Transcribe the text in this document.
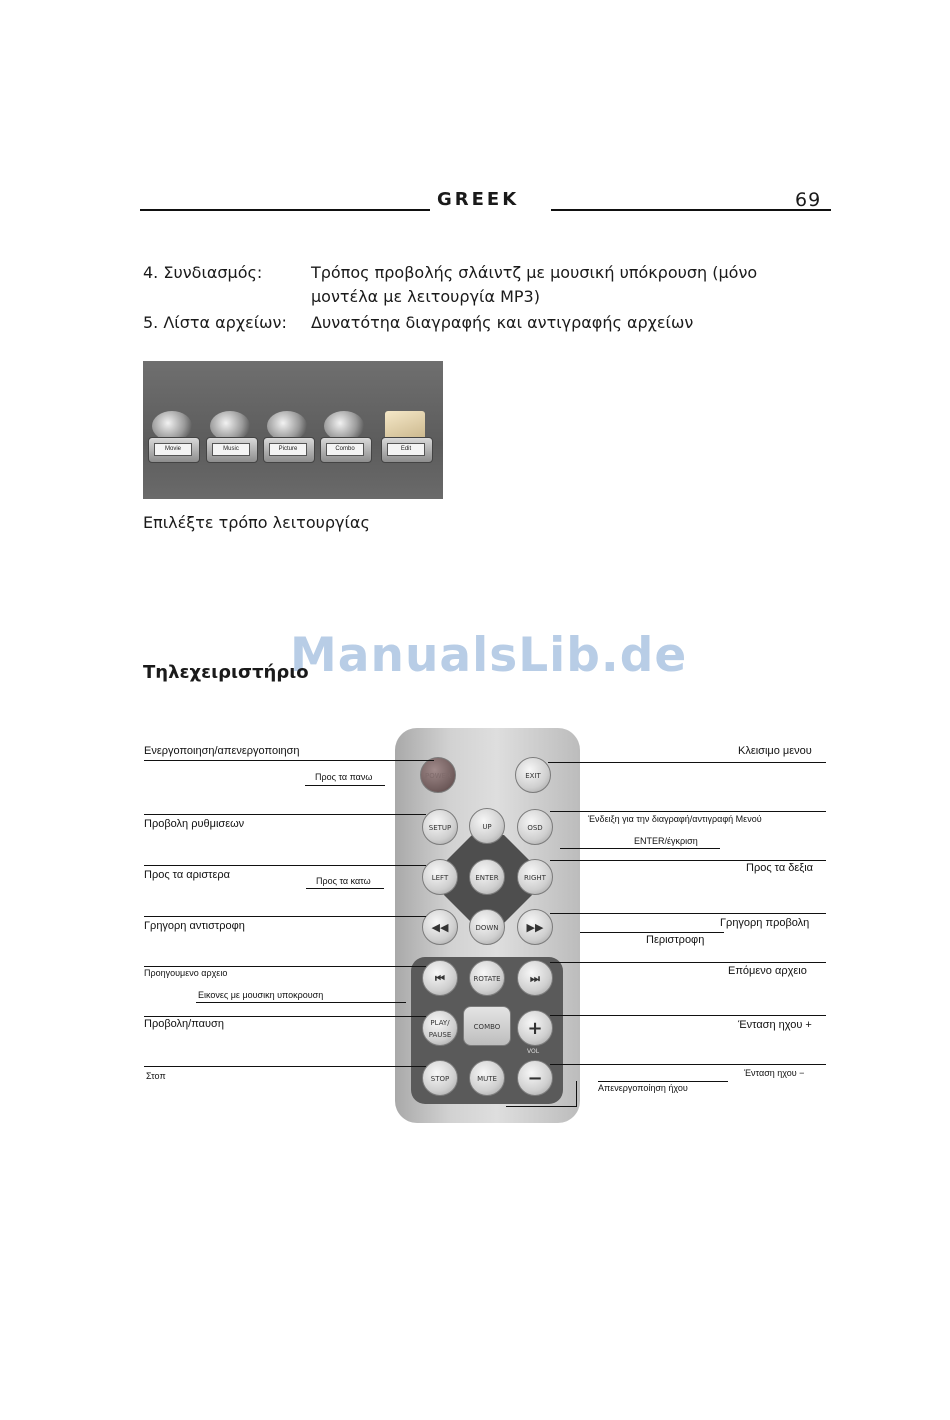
GREEK	69
4. Συνδιασμός:	Τρόπος προβολής σλάιντζ με μουσική υπόκρουση (μόνο μοντέλα με λειτουργία MP3)
5. Λίστα αρχείων: Δυνατότηα διαγραφής και αντιγραφής αρχείων
Movie	Music	Picture	Combo	Edit
Επιλέξτε τρόπο λειτουργίας
ManualsLib.de
Τηλεχειριστήριο
POWER	EXIT
SETUP	UP	OSD
LEFT	ENTER	RIGHT
◀◀	DOWN	▶▶
⏮	ROTATE	⏭
PLAY/ PAUSE
COMBO	+
VOL
STOP	MUTE	−
Ενεργοποιηση/απενεργοποιηση
Προς τα πανω
Προβολη ρυθμισεων
Προς τα αριστερα	Προς τα κατω
Γρηγορη αντιστροφη
Προηγουμενο αρχειο
Εικονες με μουσικη υποκρουση
Προβολη/παυση
Στοπ
Κλεισιμο μενου
Ένδειξη για την διαγραφή/αντιγραφή Μενού
ENTER/έγκριση
Προς τα δεξια
Γρηγορη προβολη
Περιστροφη
Επόμενο αρχειο
Ένταση ηχου +
Ένταση ηχου −
Απενεργοποίηση ήχου
